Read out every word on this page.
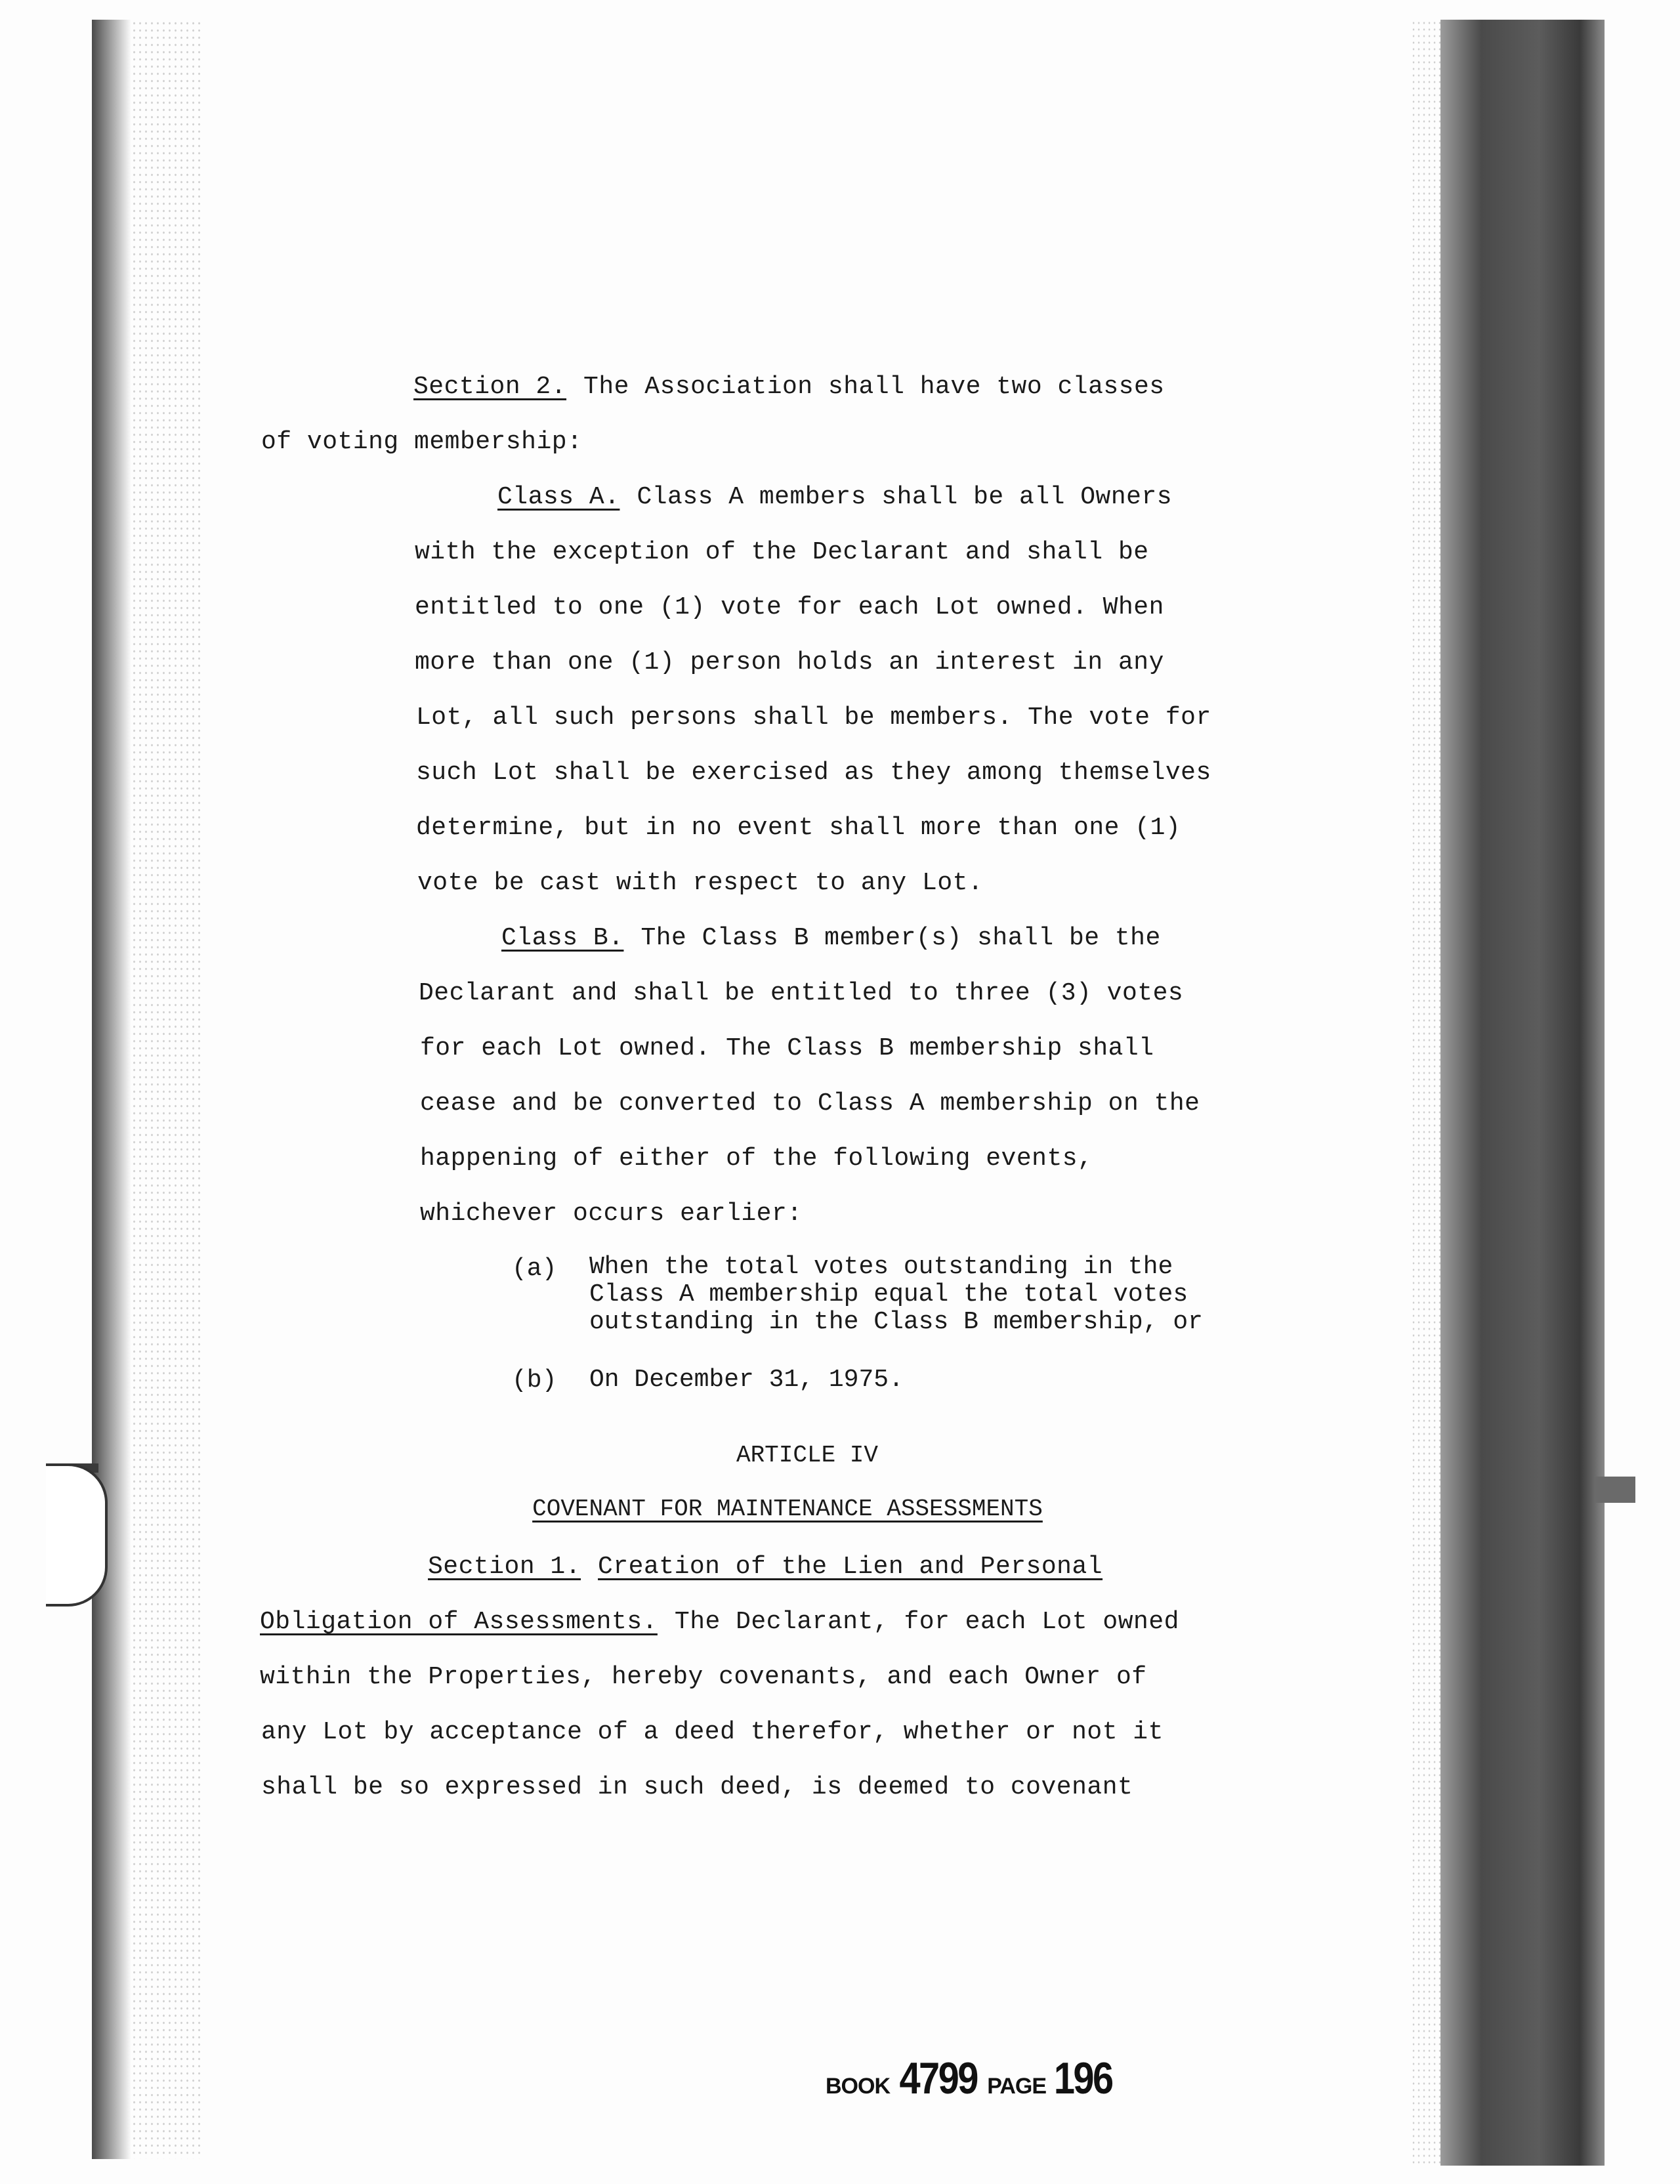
Section 2. The Association shall have two classes
of voting membership:
Class A. Class A members shall be all Owners
with the exception of the Declarant and shall be
entitled to one (1) vote for each Lot owned. When
more than one (1) person holds an interest in any
Lot, all such persons shall be members. The vote for
such Lot shall be exercised as they among themselves
determine, but in no event shall more than one (1)
vote be cast with respect to any Lot.
Class B. The Class B member(s) shall be the
Declarant and shall be entitled to three (3) votes
for each Lot owned. The Class B membership shall
cease and be converted to Class A membership on the
happening of either of the following events,
whichever occurs earlier:
(a) When the total votes outstanding in the
Class A membership equal the total votes
outstanding in the Class B membership, or
(b) On December 31, 1975.
ARTICLE IV
COVENANT FOR MAINTENANCE ASSESSMENTS
Section 1. Creation of the Lien and Personal
Obligation of Assessments. The Declarant, for each Lot owned
within the Properties, hereby covenants, and each Owner of
any Lot by acceptance of a deed therefor, whether or not it
shall be so expressed in such deed, is deemed to covenant
BOOK 4799 PAGE 196
